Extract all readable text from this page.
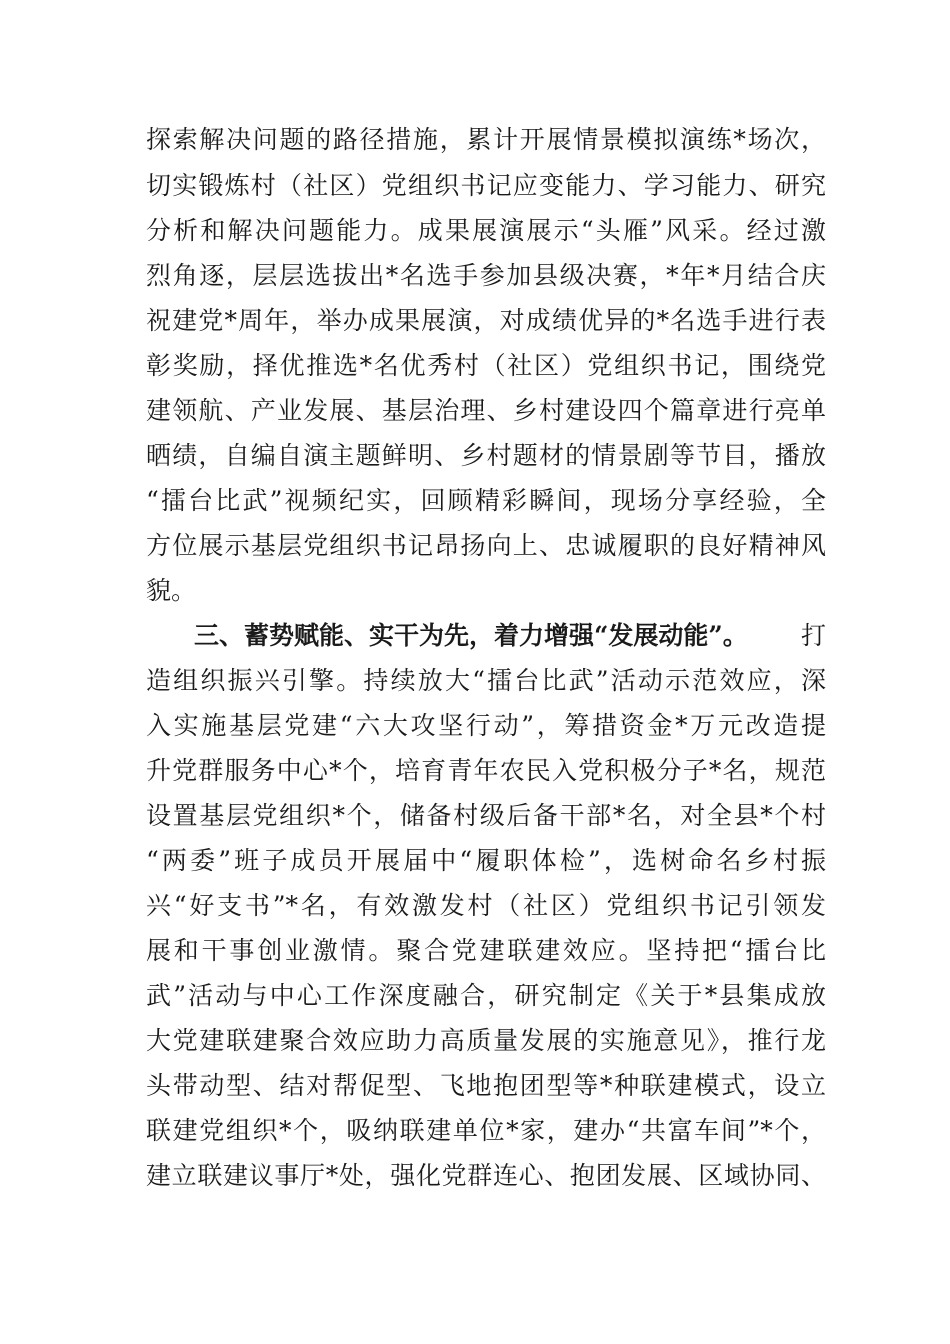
探索解决问题的路径措施，累计开展情景模拟演练*场次，
切实锻炼村（社区）党组织书记应变能力、学习能力、研究
分析和解决问题能力。成果展演展示“头雁”风采。经过激
烈角逐，层层选拔出*名选手参加县级决赛，*年*月结合庆
祝建党*周年，举办成果展演，对成绩优异的*名选手进行表
彰奖励，择优推选*名优秀村（社区）党组织书记，围绕党
建领航、产业发展、基层治理、乡村建设四个篇章进行亮单
晒绩，自编自演主题鲜明、乡村题材的情景剧等节目，播放
“擂台比武”视频纪实，回顾精彩瞬间，现场分享经验，全
方位展示基层党组织书记昂扬向上、忠诚履职的良好精神风
貌。
三、蓄势赋能、实干为先，着力增强“发展动能”。 打
造组织振兴引擎。持续放大“擂台比武”活动示范效应，深
入实施基层党建“六大攻坚行动”，筹措资金*万元改造提
升党群服务中心*个，培育青年农民入党积极分子*名，规范
设置基层党组织*个，储备村级后备干部*名，对全县*个村
“两委”班子成员开展届中“履职体检”，选树命名乡村振
兴“好支书”*名，有效激发村（社区）党组织书记引领发
展和干事创业激情。聚合党建联建效应。坚持把“擂台比
武”活动与中心工作深度融合，研究制定《关于*县集成放
大党建联建聚合效应助力高质量发展的实施意见》，推行龙
头带动型、结对帮促型、飞地抱团型等*种联建模式，设立
联建党组织*个，吸纳联建单位*家，建办“共富车间”*个，
建立联建议事厅*处，强化党群连心、抱团发展、区域协同、
